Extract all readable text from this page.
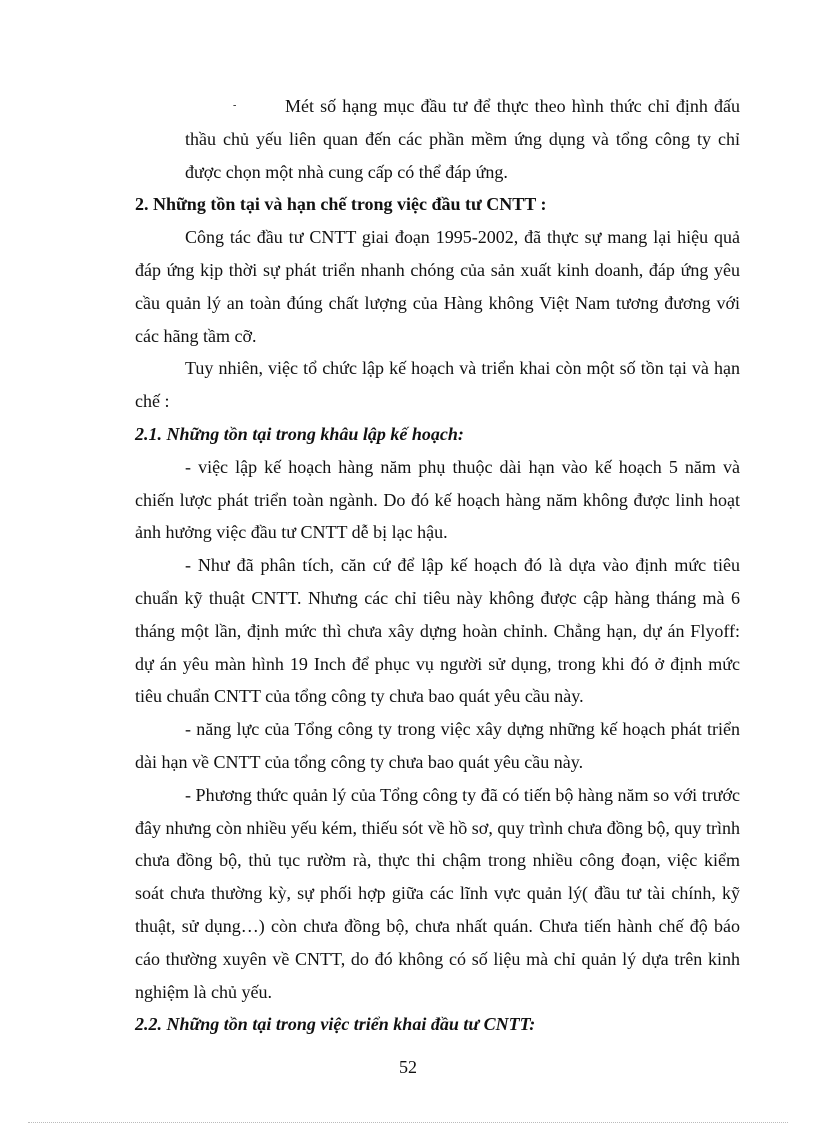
-	Mét số hạng mục đầu tư để thực theo hình thức chỉ định đấu thầu chủ yếu liên quan đến các phần mềm ứng dụng và tổng công ty chỉ được chọn một nhà cung cấp có thể đáp ứng.

2. Những tồn tại và hạn chế trong việc đầu tư CNTT :

Công tác đầu tư CNTT giai đoạn 1995-2002, đã thực sự mang lại hiệu quả đáp ứng kịp thời sự phát triển nhanh chóng của sản xuất kinh doanh, đáp ứng yêu cầu quản lý an toàn đúng chất lượng của Hàng không Việt Nam tương đương với các hãng tầm cỡ.

Tuy nhiên, việc tổ chức lập kế hoạch và triển khai còn một số tồn tại và hạn chế :

2.1. Những tồn tại trong khâu lập kế hoạch:

- việc lập kế hoạch hàng năm phụ thuộc dài hạn vào kế hoạch 5 năm và chiến lược phát triển toàn ngành. Do đó kế hoạch hàng năm không được linh hoạt ảnh hưởng việc đầu tư CNTT dễ bị lạc hậu.

- Như đã phân tích, căn cứ để lập kế hoạch đó là dựa vào định mức tiêu chuẩn kỹ thuật CNTT. Nhưng các chỉ tiêu này không được cập hàng tháng mà 6 tháng một lần, định mức thì chưa xây dựng hoàn chỉnh. Chẳng hạn, dự án Flyoff: dự án yêu màn hình 19 Inch để phục vụ người sử dụng, trong khi đó ở định mức tiêu chuẩn CNTT của tổng công ty chưa bao quát yêu cầu này.

- năng lực của Tổng công ty trong việc xây dựng những kế hoạch phát triển dài hạn về CNTT của tổng công ty chưa bao quát yêu cầu này.

- Phương thức quản lý của Tổng công ty đã có tiến bộ hàng năm so với trước đây nhưng còn nhiều yếu kém, thiếu sót về hồ sơ, quy trình chưa đồng bộ, quy trình chưa đồng bộ, thủ tục rườm rà, thực thi chậm trong nhiều công đoạn, việc kiểm soát chưa thường kỳ, sự phối hợp giữa các lĩnh vực quản lý( đầu tư tài chính, kỹ thuật, sử dụng…) còn chưa đồng bộ, chưa nhất quán. Chưa tiến hành chế độ báo cáo thường xuyên về CNTT, do đó không có số liệu mà chỉ quản lý dựa trên kinh nghiệm là chủ yếu.

2.2. Những tồn tại trong việc triển khai đầu tư CNTT:

52
